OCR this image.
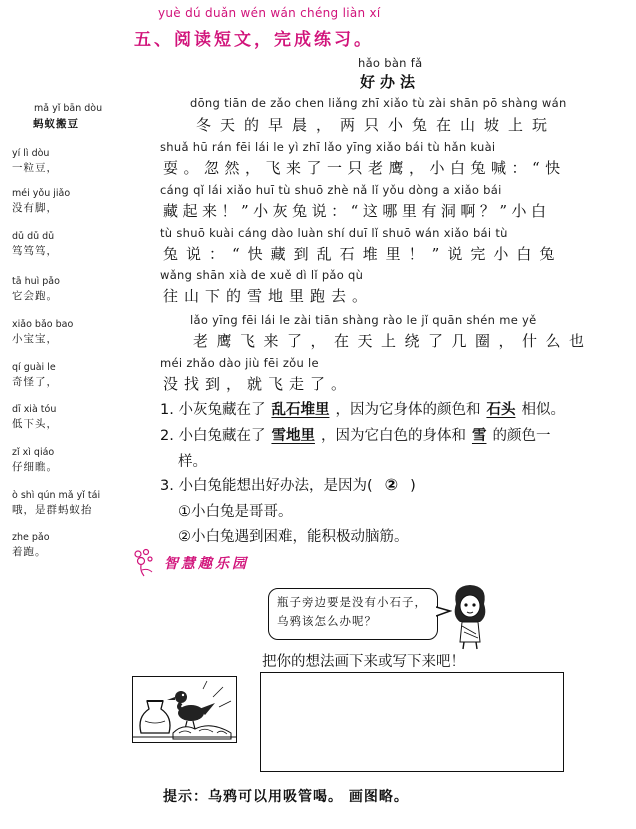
yuè dú duǎn wén wán chéng liàn xí
五、阅读短文，完成练习。
hǎo bàn fǎ
好办法
mǎ yǐ bān dòu
蚂蚁搬豆
yí lì dòu
一粒豆，
méi yǒu jiǎo
没有脚，
dǔ dǔ dǔ
笃笃笃，
tā huì pǎo
它会跑。
xiǎo bǎo bao
小宝宝，
qí guài le
奇怪了，
dī xià tóu
低下头，
zǐ xì qiáo
仔细瞧。
ò shì qún mǎ yǐ tái
哦，是群蚂蚁抬
zhe pǎo
着跑。
dōng tiān de zǎo chen liǎng zhī xiǎo tù zài shān pō shàng wán
冬天的早晨，两只小兔在山坡上玩
shuǎ hū rán fēi lái le yì zhī lǎo yīng xiǎo bái tù hǎn kuài
耍。忽然，飞来了一只老鹰，小白兔喊：“快
cáng qǐ lái xiǎo huī tù shuō zhè nǎ lǐ yǒu dòng a xiǎo bái
藏起来！”小灰兔说：“这哪里有洞啊？”小白
tù shuō kuài cáng dào luàn shí duī lǐ shuō wán xiǎo bái tù
兔说：“快藏到乱石堆里！”说完小白兔
wǎng shān xià de xuě dì lǐ pǎo qù
往山下的雪地里跑去。
lǎo yīng fēi lái le zài tiān shàng rào le jǐ quān shén me yě
老鹰飞来了，在天上绕了几圈，什么也
méi zhǎo dào jiù fēi zǒu le
没找到，就飞走了。
1. 小灰兔藏在了 乱石堆里 ，因为它身体的颜色和 石头 相似。
2. 小白兔藏在了 雪地里 ，因为它白色的身体和 雪 的颜色一
样。
3. 小白兔能想出好办法，是因为( ② )
①小白兔是哥哥。
②小白兔遇到困难，能积极动脑筋。
智慧趣乐园
瓶子旁边要是没有小石子，乌鸦该怎么办呢？
把你的想法画下来或写下来吧！
提示：乌鸦可以用吸管喝。 画图略。
